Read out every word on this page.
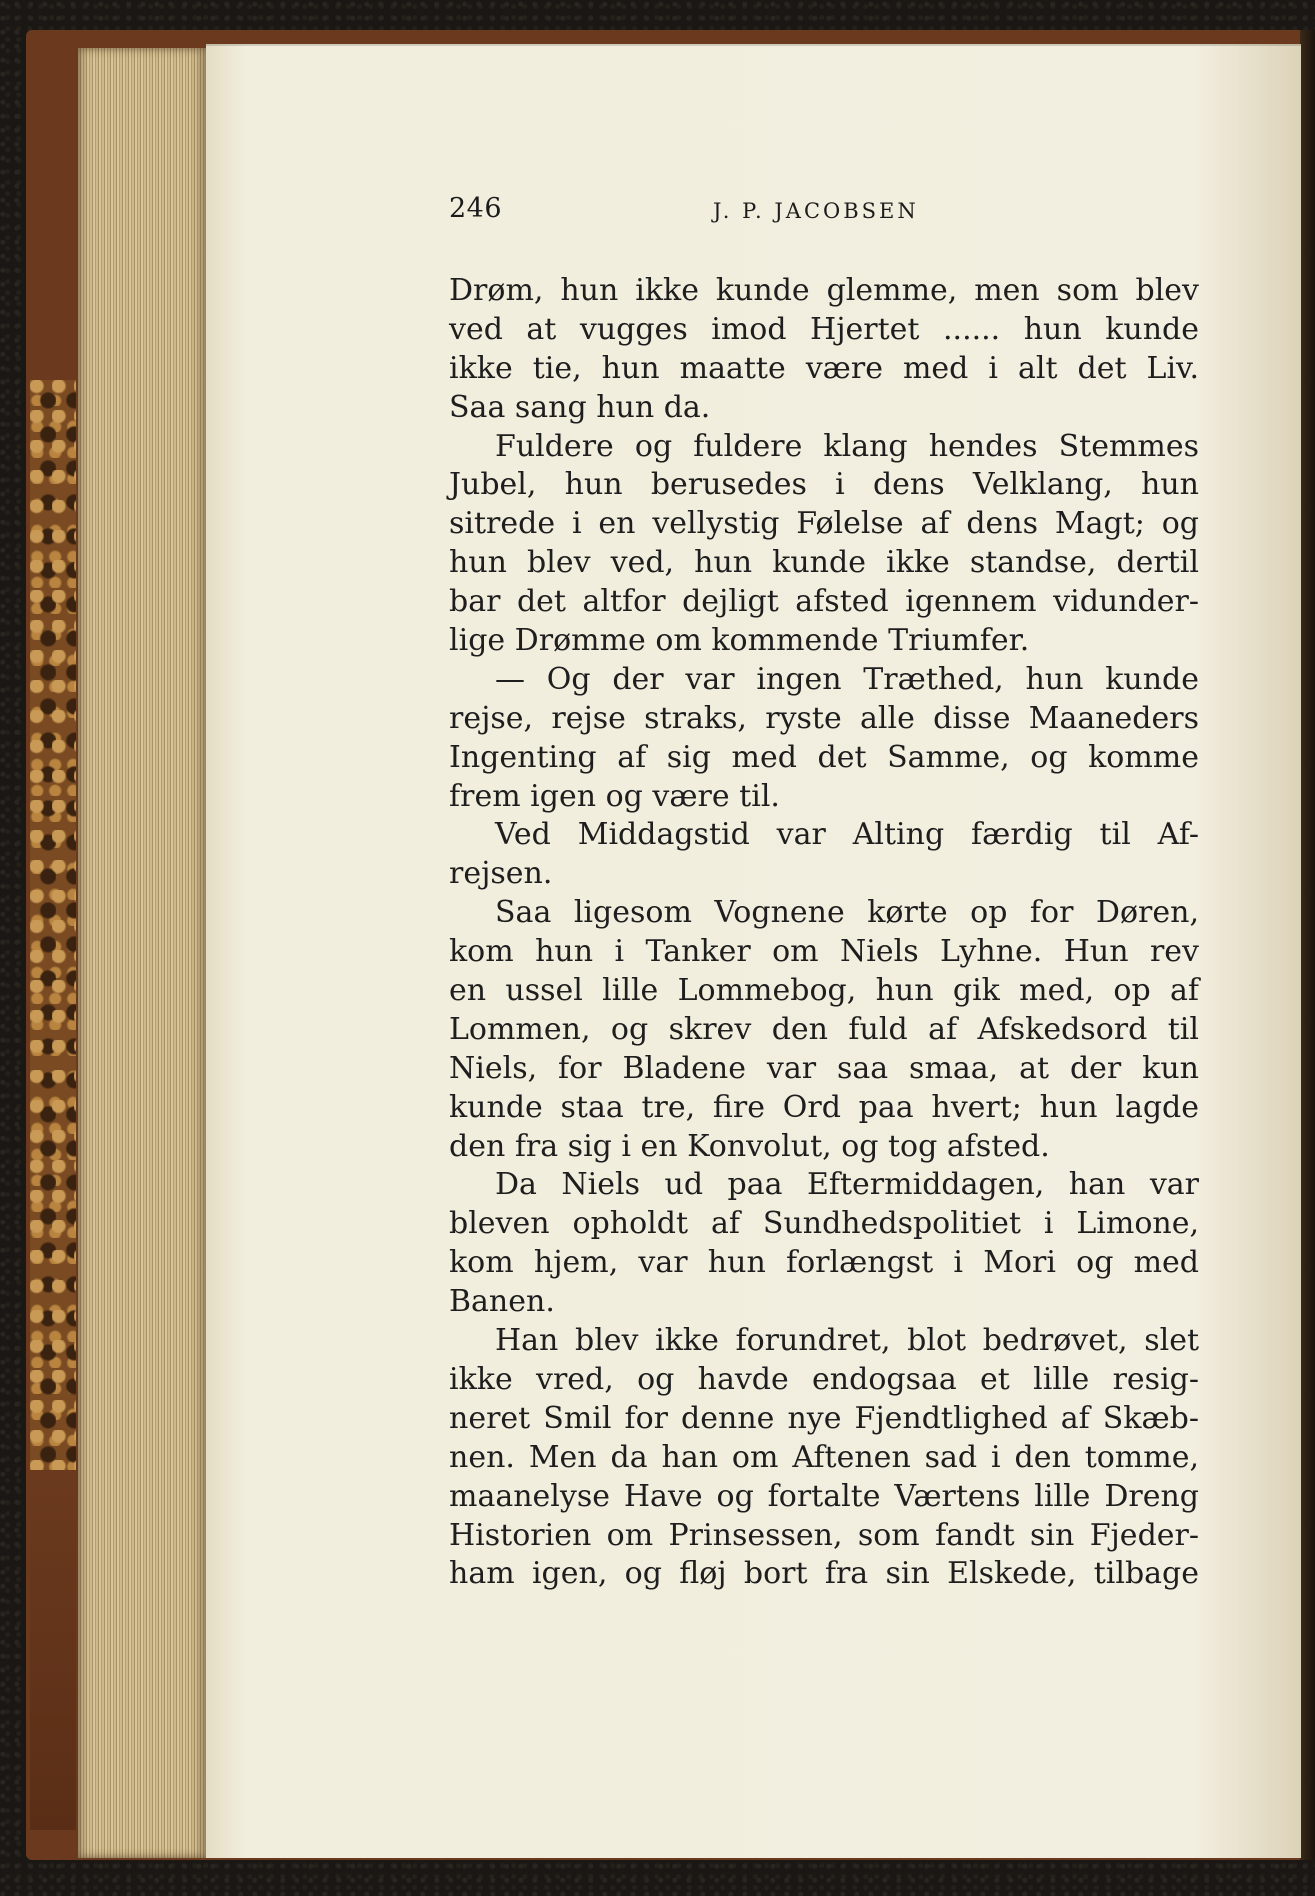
246	J. P. JACOBSEN
Drøm, hun ikke kunde glemme, men som blev
ved at vugges imod Hjertet ...... hun kunde
ikke tie, hun maatte være med i alt det Liv.
Saa sang hun da.
Fuldere og fuldere klang hendes Stemmes
Jubel, hun berusedes i dens Velklang, hun
sitrede i en vellystig Følelse af dens Magt; og
hun blev ved, hun kunde ikke standse, dertil
bar det altfor dejligt afsted igennem vidunder-
lige Drømme om kommende Triumfer.
— Og der var ingen Træthed, hun kunde
rejse, rejse straks, ryste alle disse Maaneders
Ingenting af sig med det Samme, og komme
frem igen og være til.
Ved Middagstid var Alting færdig til Af-
rejsen.
Saa ligesom Vognene kørte op for Døren,
kom hun i Tanker om Niels Lyhne. Hun rev
en ussel lille Lommebog, hun gik med, op af
Lommen, og skrev den fuld af Afskedsord til
Niels, for Bladene var saa smaa, at der kun
kunde staa tre, fire Ord paa hvert; hun lagde
den fra sig i en Konvolut, og tog afsted.
Da Niels ud paa Eftermiddagen, han var
bleven opholdt af Sundhedspolitiet i Limone,
kom hjem, var hun forlængst i Mori og med
Banen.
Han blev ikke forundret, blot bedrøvet, slet
ikke vred, og havde endogsaa et lille resig-
neret Smil for denne nye Fjendtlighed af Skæb-
nen. Men da han om Aftenen sad i den tomme,
maanelyse Have og fortalte Værtens lille Dreng
Historien om Prinsessen, som fandt sin Fjeder-
ham igen, og fløj bort fra sin Elskede, tilbage
